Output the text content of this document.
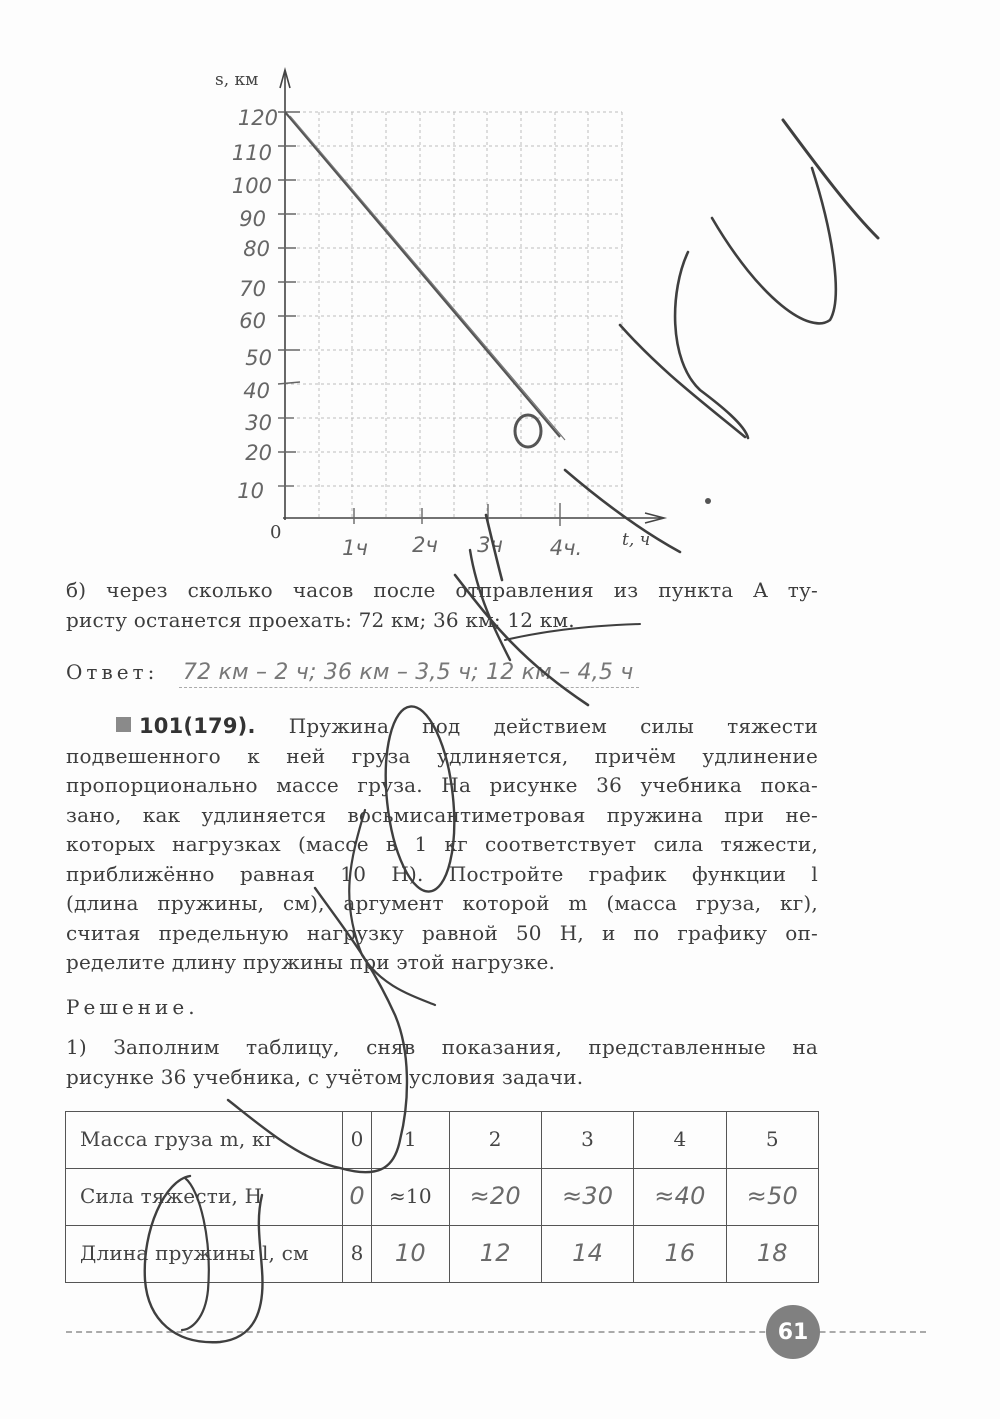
s, км
0	t, ч
120
110
100
90
80
70
60
50
40
30
20
10
1ч 2ч 3ч 4ч.
б) через сколько часов после отправления из пункта A ту-
ристу останется проехать: 72 км; 36 км; 12 км.
Ответ: 72 км – 2 ч; 36 км – 3,5 ч; 12 км – 4,5 ч
101(179). Пружина под действием силы тяжести
подвешенного к ней груза удлиняется, причём удлинение
пропорционально массе груза. На рисунке 36 учебника пока-
зано, как удлиняется восьмисантиметровая пружина при не-
которых нагрузках (массе в 1 кг соответствует сила тяжести,
приближённо равная 10 Н). Постройте график функции l
(длина пружины, см), аргумент которой m (масса груза, кг),
считая предельную нагрузку равной 50 Н, и по графику оп-
ределите длину пружины при этой нагрузке.
Решение.
1) Заполним таблицу, сняв показания, представленные на
рисунке 36 учебника, с учётом условия задачи.
Масса груза m, кг	0	1	2	3	4	5
Сила тяжести, Н	0	≈10	≈20	≈30	≈40	≈50
Длина пружины l, см	8	10	12	14	16	18
61
